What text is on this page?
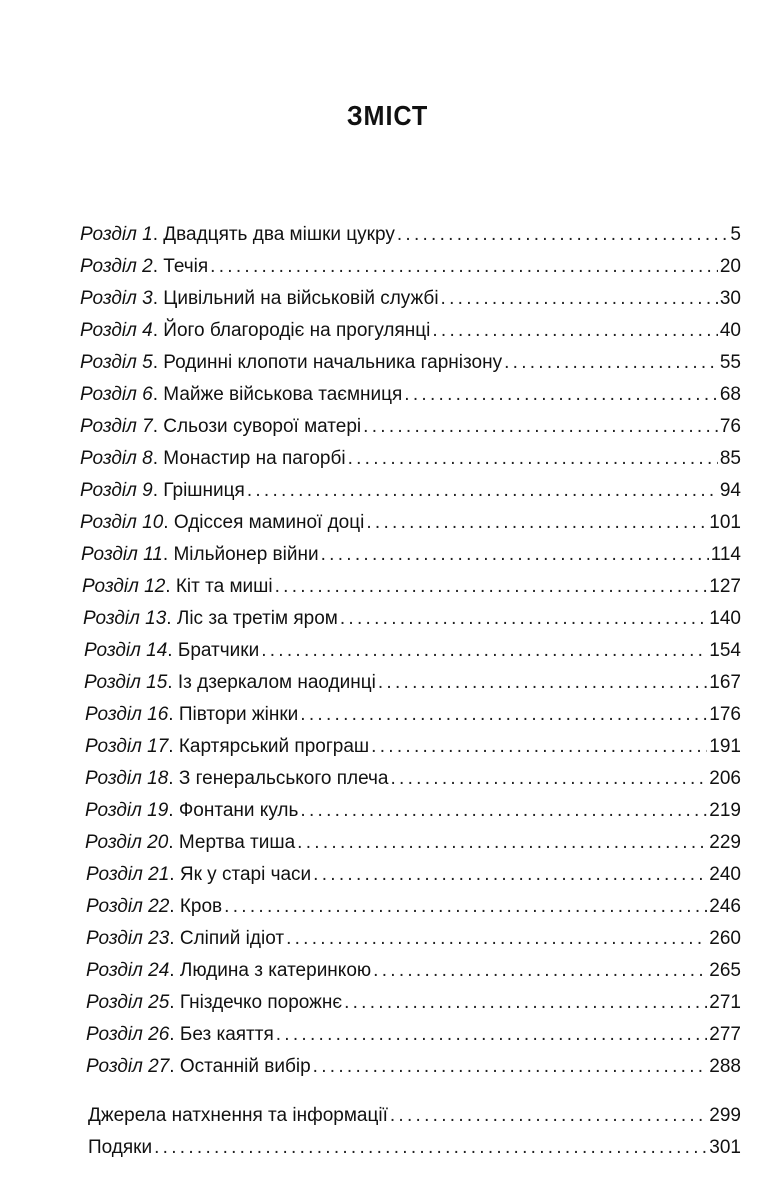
ЗМІСТ
Розділ 1 . Двадцять два мішки цукру . . .	5
Розділ 2 . Течія . . .	20
Розділ 3 . Цивільний на військовій службі . . .	30
Розділ 4 . Його благородіє на прогулянці . . .	40
Розділ 5 . Родинні клопоти начальника гарнізону . . .	55
Розділ 6 . Майже військова таємниця . . .	68
Розділ 7 . Сльози суворої матері . . .	76
Розділ 8 . Монастир на пагорбі . . .	85
Розділ 9 . Грішниця . . .	94
Розділ 10 . Одіссея маминої доці . . .	101
Розділ 11 . Мільйонер війни . . .	114
Розділ 12 . Кіт та миші . . .	127
Розділ 13 . Ліс за третім яром . . .	140
Розділ 14 . Братчики . . .	154
Розділ 15 . Із дзеркалом наодинці . . .	167
Розділ 16 . Півтори жінки . . .	176
Розділ 17 . Картярський програш . . .	191
Розділ 18 . З генеральського плеча . . .	206
Розділ 19 . Фонтани куль . . .	219
Розділ 20 . Мертва тиша . . .	229
Розділ 21 . Як у старі часи . . .	240
Розділ 22 . Кров . . .	246
Розділ 23 . Сліпий ідіот . . .	260
Розділ 24 . Людина з катеринкою . . .	265
Розділ 25 . Гніздечко порожнє . . .	271
Розділ 26 . Без каяття . . .	277
Розділ 27 . Останній вибір . . .	288
Джерела натхнення та інформації . . .	299
Подяки . . .	301
